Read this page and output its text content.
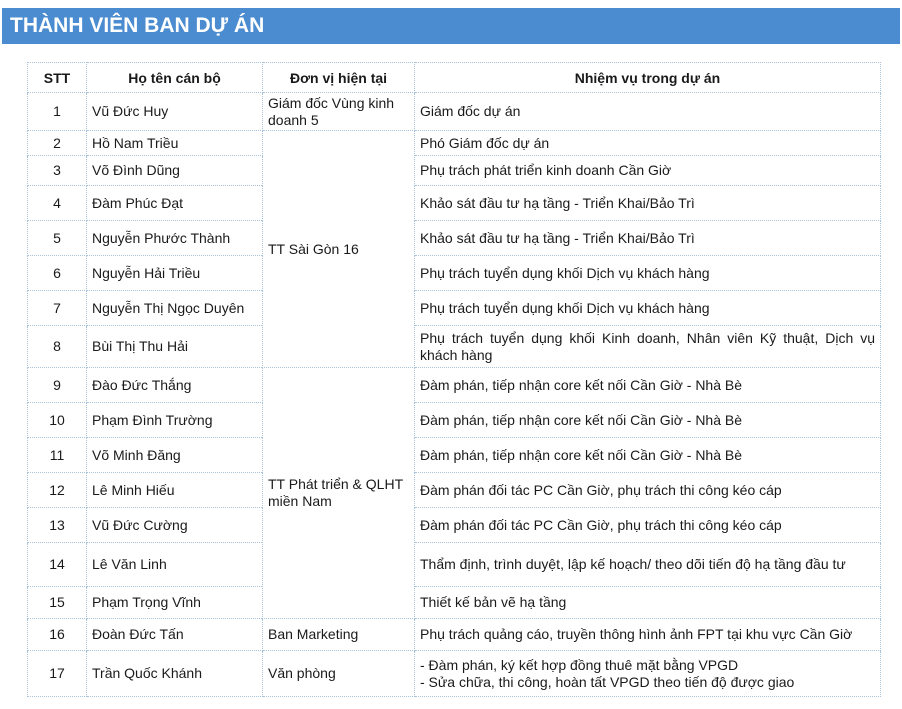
THÀNH VIÊN BAN DỰ ÁN
STT	Họ tên cán bộ	Đơn vị hiện tại	Nhiệm vụ trong dự án
1	Vũ Đức Huy	Giám đốc Vùng kinh doanh 5	Giám đốc dự án
2	Hồ Nam Triều	TT Sài Gòn 16	Phó Giám đốc dự án
3	Võ Đình Dũng		Phụ trách phát triển kinh doanh Cần Giờ
4	Đàm Phúc Đạt		Khảo sát đầu tư hạ tầng - Triển Khai/Bảo Trì
5	Nguyễn Phước Thành		Khảo sát đầu tư hạ tầng - Triển Khai/Bảo Trì
6	Nguyễn Hải Triều		Phụ trách tuyển dụng khối Dịch vụ khách hàng
7	Nguyễn Thị Ngọc Duyên		Phụ trách tuyển dụng khối Dịch vụ khách hàng
8	Bùi Thị Thu Hải		Phụ trách tuyển dụng khối Kinh doanh, Nhân viên Kỹ thuật, Dịch vụ khách hàng
9	Đào Đức Thắng	TT Phát triển & QLHT miền Nam	Đàm phán, tiếp nhận core kết nối Cần Giờ - Nhà Bè
10	Phạm Đình Trường		Đàm phán, tiếp nhận core kết nối Cần Giờ - Nhà Bè
11	Võ Minh Đăng		Đàm phán, tiếp nhận core kết nối Cần Giờ - Nhà Bè
12	Lê Minh Hiếu		Đàm phán đối tác PC Cần Giờ, phụ trách thi công kéo cáp
13	Vũ Đức Cường		Đàm phán đối tác PC Cần Giờ, phụ trách thi công kéo cáp
14	Lê Văn Linh		Thẩm định, trình duyệt, lập kế hoạch/ theo dõi tiến độ hạ tầng đầu tư
15	Phạm Trọng Vĩnh		Thiết kế bản vẽ hạ tầng
16	Đoàn Đức Tấn	Ban Marketing	Phụ trách quảng cáo, truyền thông hình ảnh FPT tại khu vực Cần Giờ
17	Trần Quốc Khánh	Văn phòng	- Đàm phán, ký kết hợp đồng thuê mặt bằng VPGD
- Sửa chữa, thi công, hoàn tất VPGD theo tiến độ được giao
